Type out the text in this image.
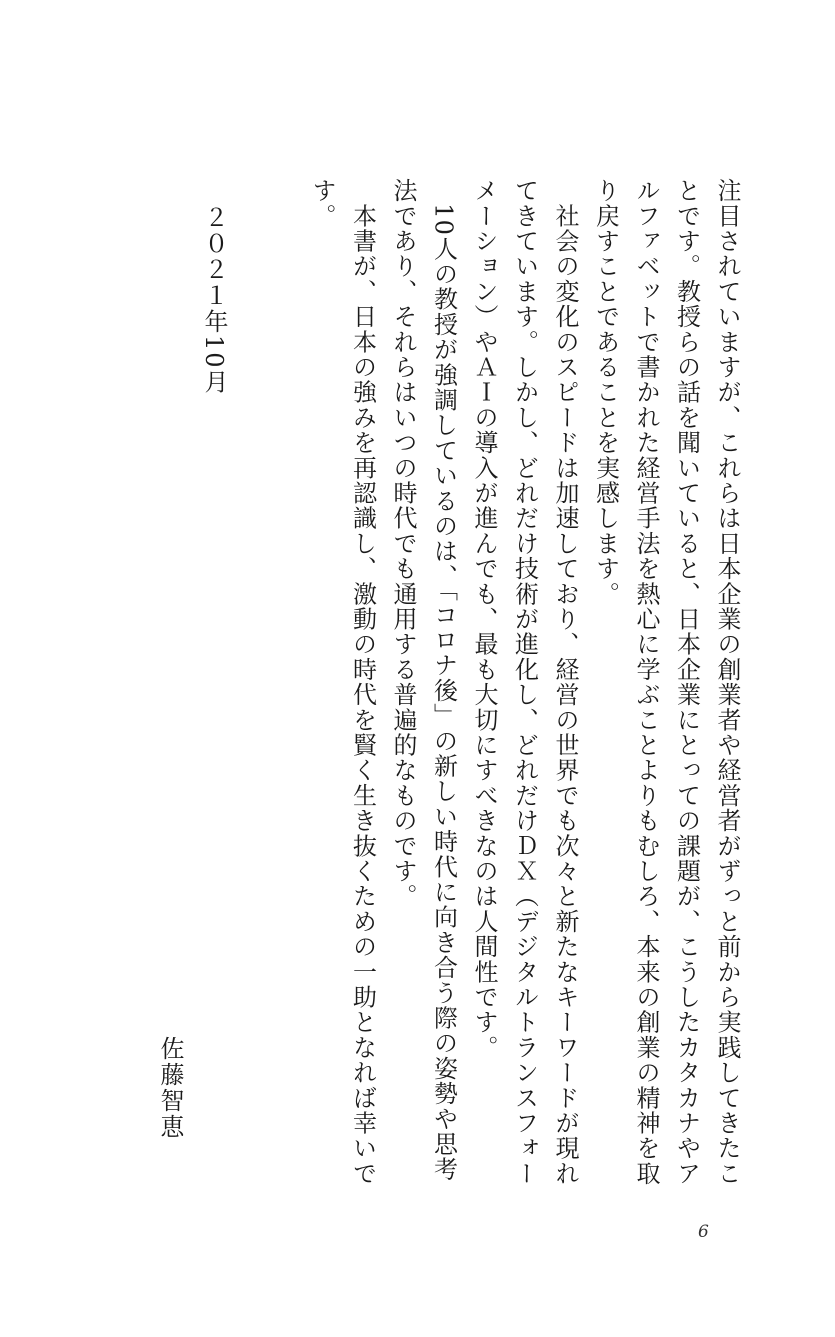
注目されていますが、これらは日本企業の創業者や経営者がずっと前から実践してきたことです。教授らの話を聞いていると、日本企業にとっての課題が、こうしたカタカナやアルファベットで書かれた経営手法を熱心に学ぶことよりもむしろ、本来の創業の精神を取り戻すことであることを実感します。

　社会の変化のスピードは加速しており、経営の世界でも次々と新たなキーワードが現れてきています。しかし、どれだけ技術が進化し、どれだけＤＸ（デジタルトランスフォーメーション）やＡＩの導入が進んでも、最も大切にすべきなのは人間性です。

　10人の教授が強調しているのは、「コロナ後」の新しい時代に向き合う際の姿勢や思考法であり、それらはいつの時代でも通用する普遍的なものです。

　本書が、日本の強みを再認識し、激動の時代を賢く生き抜くための一助となれば幸いです。

２０２１年10月
佐藤智恵
6
